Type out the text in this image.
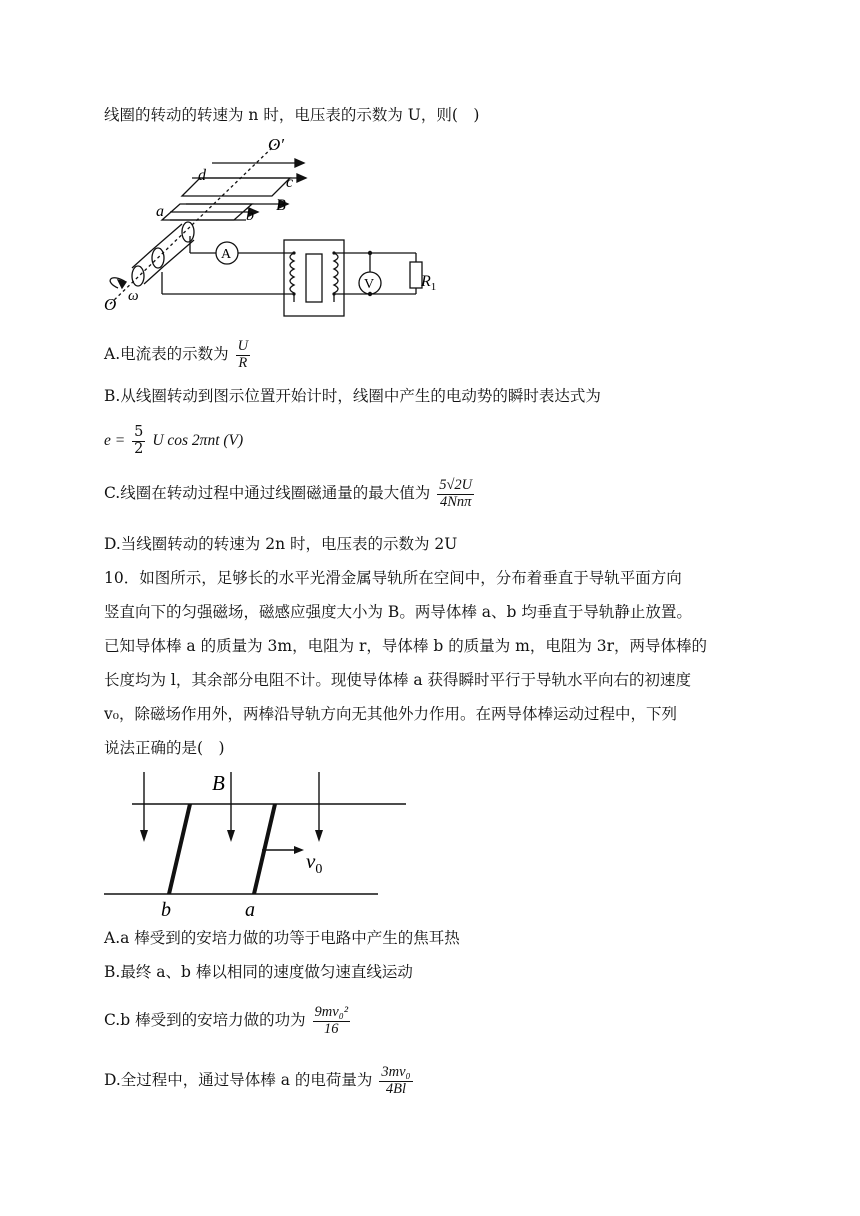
线圈的转动的转速为 n 时，电压表的示数为 U，则(　)
O′
d	c
a	b
B
A
V	$R_1$
O ω
A.电流表的示数为 $\frac{U}{R}$
B.从线圈转动到图示位置开始计时，线圈中产生的电动势的瞬时表达式为
$e = \frac{5}{2}$ U cos 2πnt (V)
C.线圈在转动过程中通过线圈磁通量的最大值为 $\frac{5√2U}{\text{4Nnπ}}$
D.当线圈转动的转速为 2n 时，电压表的示数为 2U
10．如图所示，足够长的水平光滑金属导轨所在空间中，分布着垂直于导轨平面方向
竖直向下的匀强磁场，磁感应强度大小为 B。两导体棒 a、b 均垂直于导轨静止放置。
已知导体棒 a 的质量为 3m，电阻为 r，导体棒 b 的质量为 m，电阻为 3r，两导体棒的
长度均为 l，其余部分电阻不计。现使导体棒 a 获得瞬时平行于导轨水平向右的初速度
v₀，除磁场作用外，两棒沿导轨方向无其他外力作用。在两导体棒运动过程中，下列
说法正确的是(　)
B
$v_0$
b	a
A.a 棒受到的安培力做的功等于电路中产生的焦耳热
B.最终 a、b 棒以相同的速度做匀速直线运动
C.b 棒受到的安培力做的功为 $\frac{\text{9mv₀²}}{16}$
D.全过程中，通过导体棒 a 的电荷量为 $\frac{\text{3mv₀}}{4Bl}$
